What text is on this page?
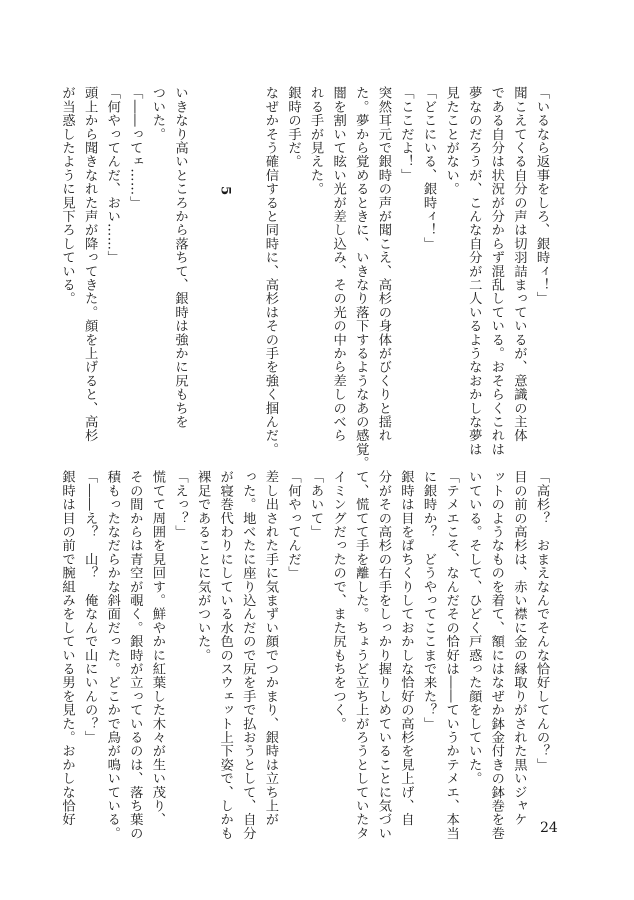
「いるなら返事をしろ、銀時ィ！」

聞こえてくる自分の声は切羽詰まっているが、意識の主体

である自分は状況が分からず混乱している。おそらくこれは

夢なのだろうが、こんな自分が二人いるようなおかしな夢は

見たことがない。

「どこにいる、銀時ィ！」

「ここだよ！」

突然耳元で銀時の声が聞こえ、高杉の身体がびくりと揺れ

た。夢から覚めるときに、いきなり落下するようなあの感覚。

闇を割いて眩い光が差し込み、その光の中から差しのべら

れる手が見えた。

銀時の手だ。

なぜかそう確信すると同時に、高杉はその手を強く掴んだ。

5

いきなり高いところから落ちて、銀時は強かに尻もちを

ついた。

「――ってェ……」

「何やってんだ、おい……」

頭上から聞きなれた声が降ってきた。顔を上げると、高杉

が当惑したように見下ろしている。

「高杉？　おまえなんでそんな恰好してんの？」

目の前の高杉は、赤い襟に金の縁取りがされた黒いジャケ

ットのようなものを着て、額にはなぜか鉢金付きの鉢巻を巻

いている。そして、ひどく戸惑った顔をしていた。

「テメエこそ、なんだその恰好は――ていうかテメエ、本当

に銀時か？　どうやってここまで来た？」

銀時は目をぱちくりしておかしな恰好の高杉を見上げ、自

分がその高杉の右手をしっかり握りしめていることに気づい

て、慌てて手を離した。ちょうど立ち上がろうとしていたタ

イミングだったので、また尻もちをつく。

「あいて」

「何やってんだ」

差し出された手に気まずい顔でつかまり、銀時は立ち上が

った。地べたに座り込んだので尻を手で払おうとして、自分

が寝巻代わりにしている水色のスウェット上下姿で、しかも

裸足であることに気がついた。

「えっ？」

慌てて周囲を見回す。鮮やかに紅葉した木々が生い茂り、

その間からは青空が覗く。銀時が立っているのは、落ち葉の

積もったなだらかな斜面だった。どこかで鳥が鳴いている。

「――え？　山？　俺なんで山にいんの？」

銀時は目の前で腕組みをしている男を見た。おかしな恰好

24
